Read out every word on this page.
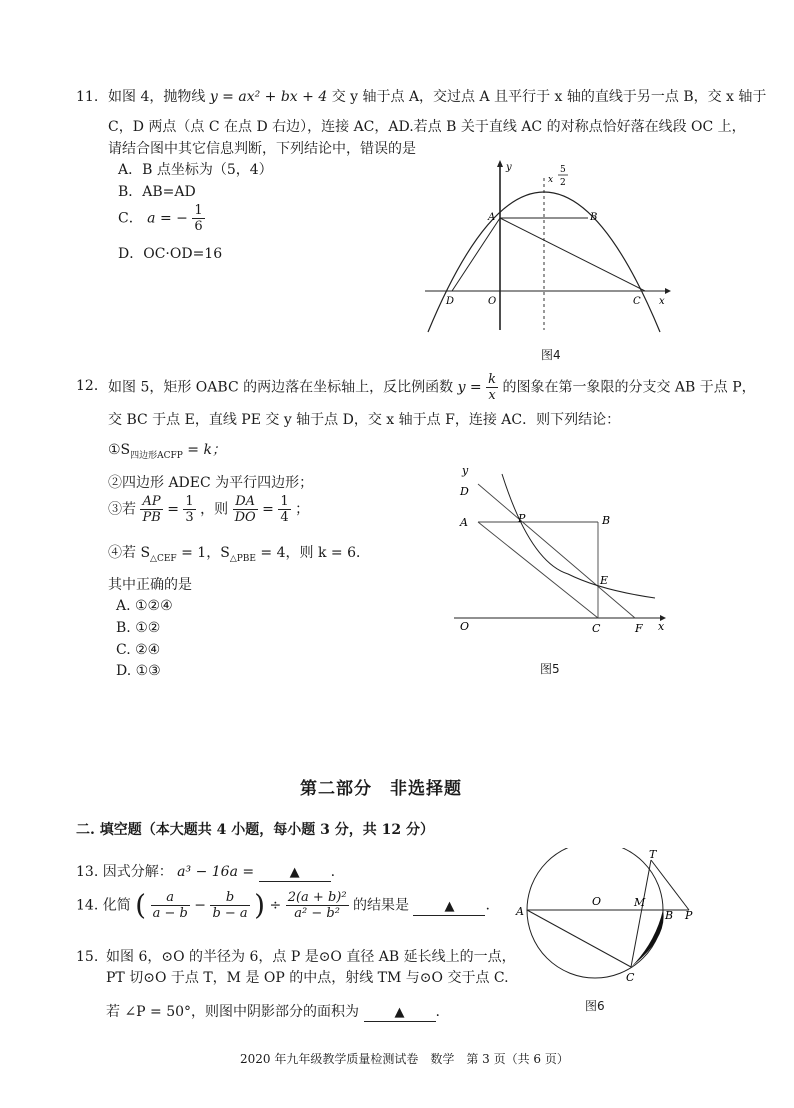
11. 如图 4，抛物线 y = ax² + bx + 4 交 y 轴于点 A，交过点 A 且平行于 x 轴的直线于另一点 B，交 x 轴于
C，D 两点（点 C 在点 D 右边），连接 AC，AD.若点 B 关于直线 AC 的对称点恰好落在线段 OC 上，
请结合图中其它信息判断，下列结论中，错误的是
A．B 点坐标为（5，4）
B．AB=AD
C． a = − $\frac{1}{6}$
D．OC·OD=16
y
x
x
5
2
A	B
D	O	C
图4
12． 如图 5，矩形 OABC 的两边落在坐标轴上，反比例函数 $y = \frac{k}{x}$ 的图象在第一象限的分支交 AB 于点 P，
交 BC 于点 E，直线 PE 交 y 轴于点 D，交 x 轴于点 F，连接 AC．则下列结论：
$①S_{四边形ACFP} = k$；
②四边形 ADEC 为平行四边形；
③若 $\frac{AP}{PB} = \frac{1}{3}$ ，则 $\frac{DA}{DO} = \frac{1}{4}$ ；
④若 $S_{\triangle CEF} = 1$，$S_{\triangle PBE} = 4$，则 k = 6．
其中正确的是
A. ①②④
B. ①②
C. ②④
D. ①③
y
x
D
A	P	B
E
O	C	F
图5
第二部分　非选择题
二. 填空题（本大题共 4 小题，每小题 3 分，共 12 分）
13. 因式分解： a³ − 16a =	▲ .
14. 化简 ( $\frac{a}{a - b} - \frac{b}{b - a}$ ) ÷ $\frac{\text{2(a + b)²}}{\text{a² − b²}}$ 的结果是	▲ .
15. 如图 6，⊙O 的半径为 6，点 P 是⊙O 直径 AB 延长线上的一点，
PT 切⊙O 于点 T，M 是 OP 的中点，射线 TM 与⊙O 交于点 C.
若 ∠P = 50°，则图中阴影部分的面积为	▲ .
T
O	M
A	B P
C
图6
2020 年九年级教学质量检测试卷　数学　第 3 页（共 6 页）
